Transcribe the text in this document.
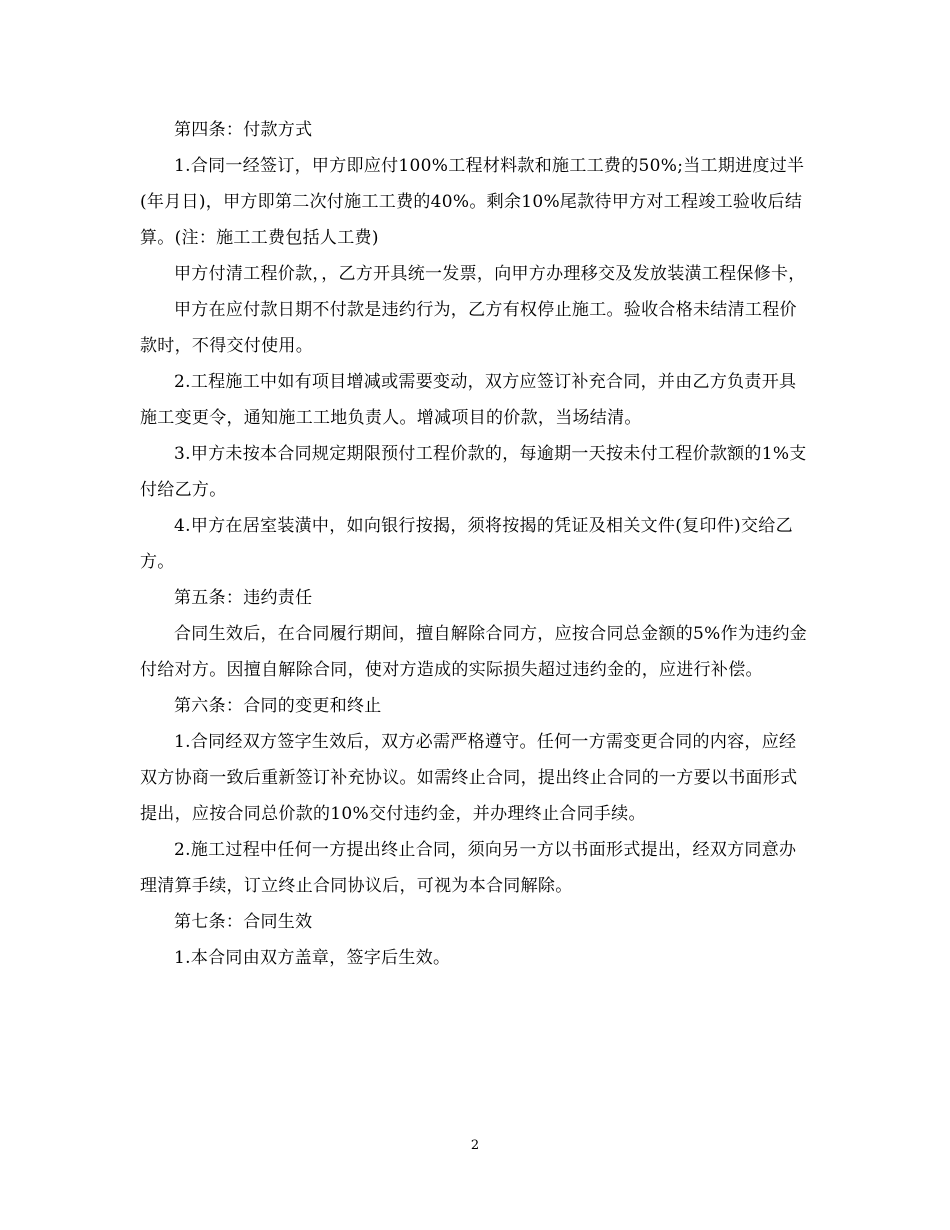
第四条：付款方式

1.合同一经签订，甲方即应付100%工程材料款和施工工费的50%;当工期进度过半(年月日)，甲方即第二次付施工工费的40%。剩余10%尾款待甲方对工程竣工验收后结算。(注：施工工费包括人工费)

甲方付清工程价款，，乙方开具统一发票，向甲方办理移交及发放装潢工程保修卡，

甲方在应付款日期不付款是违约行为，乙方有权停止施工。验收合格未结清工程价款时，不得交付使用。

2.工程施工中如有项目增减或需要变动，双方应签订补充合同，并由乙方负责开具施工变更令，通知施工工地负责人。增减项目的价款，当场结清。

3.甲方未按本合同规定期限预付工程价款的，每逾期一天按未付工程价款额的1%支付给乙方。

4.甲方在居室装潢中，如向银行按揭，须将按揭的凭证及相关文件(复印件)交给乙方。

第五条：违约责任

合同生效后，在合同履行期间，擅自解除合同方，应按合同总金额的5%作为违约金付给对方。因擅自解除合同，使对方造成的实际损失超过违约金的，应进行补偿。

第六条：合同的变更和终止

1.合同经双方签字生效后，双方必需严格遵守。任何一方需变更合同的内容，应经双方协商一致后重新签订补充协议。如需终止合同，提出终止合同的一方要以书面形式提出，应按合同总价款的10%交付违约金，并办理终止合同手续。

2.施工过程中任何一方提出终止合同，须向另一方以书面形式提出，经双方同意办理清算手续，订立终止合同协议后，可视为本合同解除。

第七条：合同生效

1.本合同由双方盖章，签字后生效。

2
